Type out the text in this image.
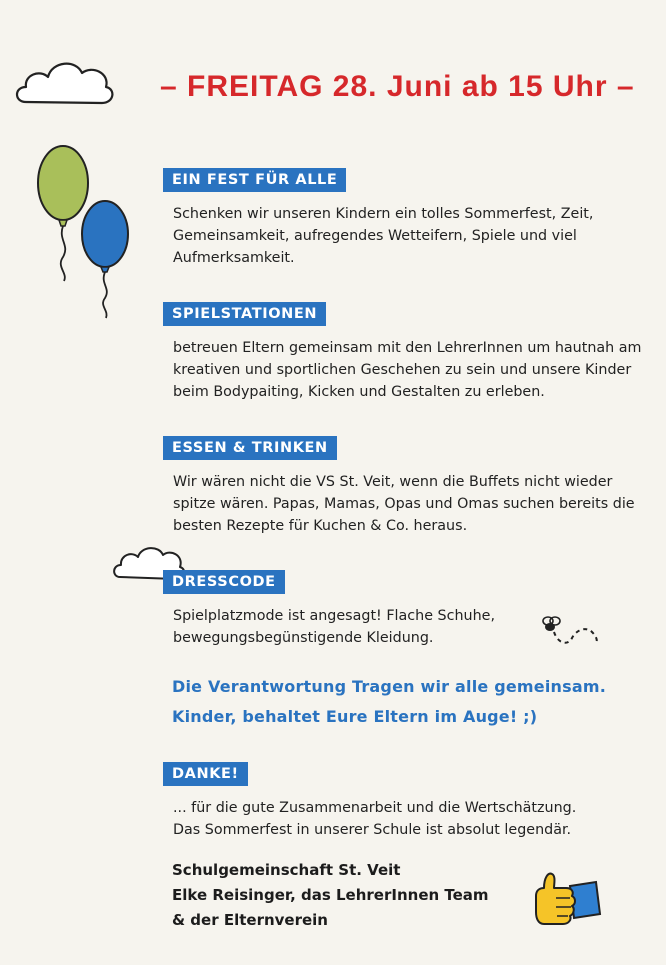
– FREITAG 28. Juni ab 15 Uhr –
EIN FEST FÜR ALLE
Schenken wir unseren Kindern ein tolles Sommerfest, Zeit,
Gemeinsamkeit, aufregendes Wetteifern, Spiele und viel
Aufmerksamkeit.
SPIELSTATIONEN
betreuen Eltern gemeinsam mit den LehrerInnen um hautnah am
kreativen und sportlichen Geschehen zu sein und unsere Kinder
beim Bodypaiting, Kicken und Gestalten zu erleben.
ESSEN & TRINKEN
Wir wären nicht die VS St. Veit, wenn die Buffets nicht wieder
spitze wären. Papas, Mamas, Opas und Omas suchen bereits die
besten Rezepte für Kuchen & Co. heraus.
DRESSCODE
Spielplatzmode ist angesagt! Flache Schuhe,
bewegungsbegünstigende Kleidung.
Die Verantwortung Tragen wir alle gemeinsam.
Kinder, behaltet Eure Eltern im Auge! ;)
DANKE!
... für die gute Zusammenarbeit und die Wertschätzung.
Das Sommerfest in unserer Schule ist absolut legendär.
Schulgemeinschaft St. Veit
Elke Reisinger, das LehrerInnen Team
& der Elternverein
